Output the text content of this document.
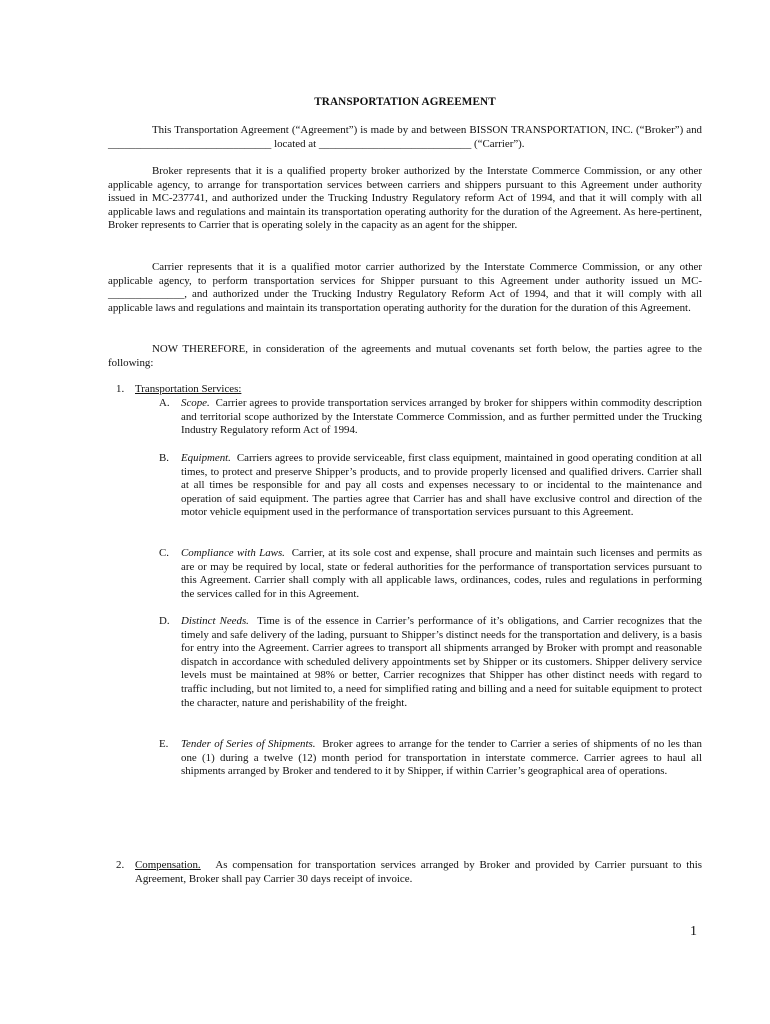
TRANSPORTATION AGREEMENT

This Transportation Agreement (“Agreement”) is made by and between BISSON TRANSPORTATION, INC. (“Broker”) and ______________________________ located at ____________________________ (“Carrier”).

Broker represents that it is a qualified property broker authorized by the Interstate Commerce Commission, or any other applicable agency, to arrange for transportation services between carriers and shippers pursuant to this Agreement under authority issued in MC-237741, and authorized under the Trucking Industry Regulatory reform Act of 1994, and that it will comply with all applicable laws and regulations and maintain its transportation operating authority for the duration of the Agreement. As here-pertinent, Broker represents to Carrier that is operating solely in the capacity as an agent for the shipper.

Carrier represents that it is a qualified motor carrier authorized by the Interstate Commerce Commission, or any other applicable agency, to perform transportation services for Shipper pursuant to this Agreement under authority issued un MC-______________, and authorized under the Trucking Industry Regulatory Reform Act of 1994, and that it will comply with all applicable laws and regulations and maintain its transportation operating authority for the duration for the duration of this Agreement.

NOW THEREFORE, in consideration of the agreements and mutual covenants set forth below, the parties agree to the following:

1. Transportation Services:
A. Scope. Carrier agrees to provide transportation services arranged by broker for shippers within commodity description and territorial scope authorized by the Interstate Commerce Commission, and as further permitted under the Trucking Industry Regulatory reform Act of 1994.

B. Equipment. Carriers agrees to provide serviceable, first class equipment, maintained in good operating condition at all times, to protect and preserve Shipper’s products, and to provide properly licensed and qualified drivers. Carrier shall at all times be responsible for and pay all costs and expenses necessary to or incidental to the maintenance and operation of said equipment. The parties agree that Carrier has and shall have exclusive control and direction of the motor vehicle equipment used in the performance of transportation services pursuant to this Agreement.

C. Compliance with Laws. Carrier, at its sole cost and expense, shall procure and maintain such licenses and permits as are or may be required by local, state or federal authorities for the performance of transportation services pursuant to this Agreement. Carrier shall comply with all applicable laws, ordinances, codes, rules and regulations in performing the services called for in this Agreement.

D. Distinct Needs. Time is of the essence in Carrier’s performance of it’s obligations, and Carrier recognizes that the timely and safe delivery of the lading, pursuant to Shipper’s distinct needs for the transportation and delivery, is a basis for entry into the Agreement. Carrier agrees to transport all shipments arranged by Broker with prompt and reasonable dispatch in accordance with scheduled delivery appointments set by Shipper or its customers. Shipper delivery service levels must be maintained at 98% or better, Carrier recognizes that Shipper has other distinct needs with regard to traffic including, but not limited to, a need for simplified rating and billing and a need for suitable equipment to protect the character, nature and perishability of the freight.

E. Tender of Series of Shipments. Broker agrees to arrange for the tender to Carrier a series of shipments of no les than one (1) during a twelve (12) month period for transportation in interstate commerce. Carrier agrees to haul all shipments arranged by Broker and tendered to it by Shipper, if within Carrier’s geographical area of operations.

2. Compensation. As compensation for transportation services arranged by Broker and provided by Carrier pursuant to this Agreement, Broker shall pay Carrier 30 days receipt of invoice.

1
